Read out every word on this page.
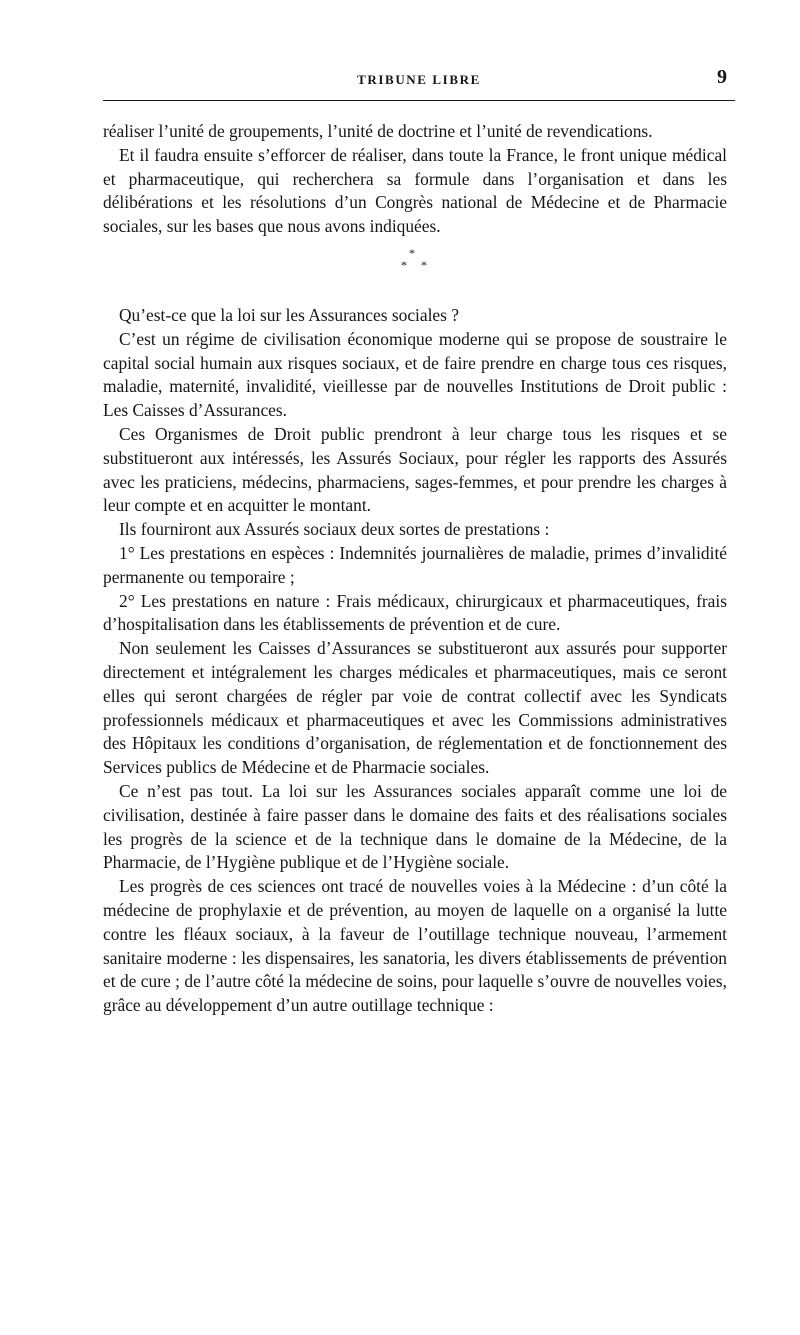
TRIBUNE LIBRE	9

réaliser l’unité de groupements, l’unité de doctrine et l’unité de revendications.

Et il faudra ensuite s’efforcer de réaliser, dans toute la France, le front unique médical et pharmaceutique, qui recherchera sa formule dans l’organisation et dans les délibérations et les résolutions d’un Congrès national de Médecine et de Pharmacie sociales, sur les bases que nous avons indiquées.

*
* *

Qu’est-ce que la loi sur les Assurances sociales ?

C’est un régime de civilisation économique moderne qui se propose de soustraire le capital social humain aux risques sociaux, et de faire prendre en charge tous ces risques, maladie, maternité, invalidité, vieillesse par de nouvelles Institutions de Droit public : Les Caisses d’Assurances.

Ces Organismes de Droit public prendront à leur charge tous les risques et se substitueront aux intéressés, les Assurés Sociaux, pour régler les rapports des Assurés avec les praticiens, médecins, pharmaciens, sages-femmes, et pour prendre les charges à leur compte et en acquitter le montant.

Ils fourniront aux Assurés sociaux deux sortes de prestations :

1° Les prestations en espèces : Indemnités journalières de maladie, primes d’invalidité permanente ou temporaire ;

2° Les prestations en nature : Frais médicaux, chirurgicaux et pharmaceutiques, frais d’hospitalisation dans les établissements de prévention et de cure.

Non seulement les Caisses d’Assurances se substitueront aux assurés pour supporter directement et intégralement les charges médicales et pharmaceutiques, mais ce seront elles qui seront chargées de régler par voie de contrat collectif avec les Syndicats professionnels médicaux et pharmaceutiques et avec les Commissions administratives des Hôpitaux les conditions d’organisation, de réglementation et de fonctionnement des Services publics de Médecine et de Pharmacie sociales.

Ce n’est pas tout. La loi sur les Assurances sociales apparaît comme une loi de civilisation, destinée à faire passer dans le domaine des faits et des réalisations sociales les progrès de la science et de la technique dans le domaine de la Médecine, de la Pharmacie, de l’Hygiène publique et de l’Hygiène sociale.

Les progrès de ces sciences ont tracé de nouvelles voies à la Médecine : d’un côté la médecine de prophylaxie et de prévention, au moyen de laquelle on a organisé la lutte contre les fléaux sociaux, à la faveur de l’outillage technique nouveau, l’armement sanitaire moderne : les dispensaires, les sanatoria, les divers établissements de prévention et de cure ; de l’autre côté la médecine de soins, pour laquelle s’ouvre de nouvelles voies, grâce au développement d’un autre outillage technique :
